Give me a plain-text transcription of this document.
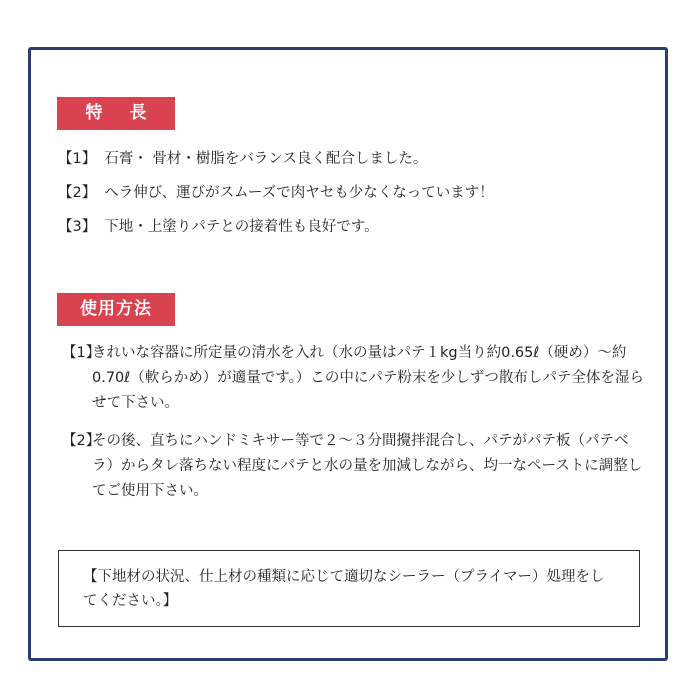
特長
【1】 石膏・ 骨材・樹脂をバランス良く配合しました。
【2】 ヘラ伸び、運びがスムーズで肉ヤセも少なくなっています！
【3】 下地・上塗りパテとの接着性も良好です。
使用方法
【1】
きれいな容器に所定量の清水を入れ（水の量はパテ１kg当り約0.65ℓ（硬め）～約0.70ℓ（軟らかめ）が適量です。）この中にパテ粉末を少しずつ散布しパテ全体を湿らせて下さい。
【2】
その後、直ちにハンドミキサー等で２～３分間攪拌混合し、パテがパテ板（パテベラ）からタレ落ちない程度にパテと水の量を加減しながら、均一なペーストに調整してご使用下さい。
【下地材の状況、仕上材の種類に応じて適切なシーラー（プライマー）処理をしてください。】
